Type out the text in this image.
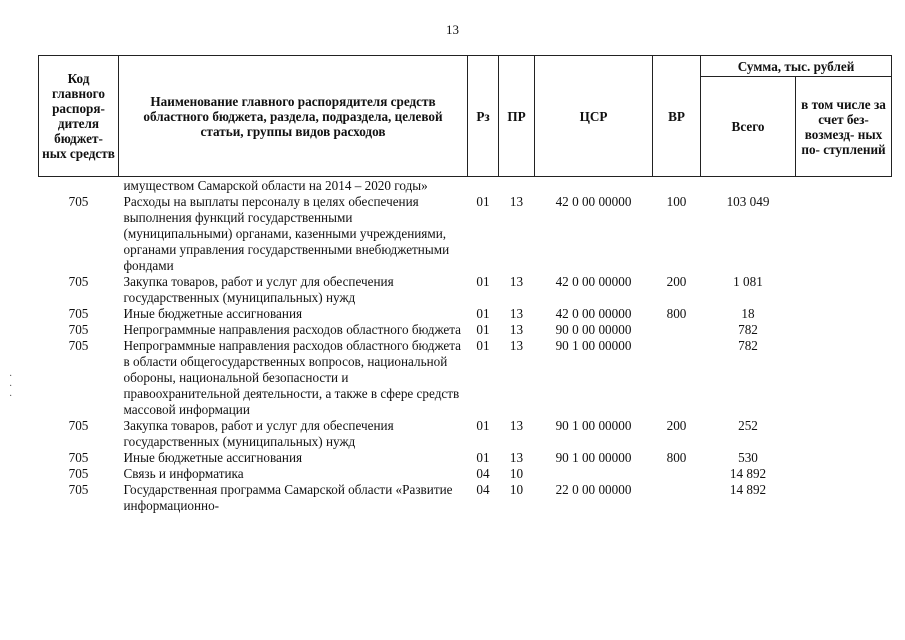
13
Код главного распоря- дителя бюджет- ных средств	Наименование главного распорядителя средств областного бюджета, раздела, подраздела, целевой статьи, группы видов расходов	Рз	ПР	ЦСР	ВР	Сумма, тыс. рублей	
						Всего	в том числе за счет без- возмезд- ных по- ступлений
	имуществом Самарской области на 2014 – 2020 годы»						
705	Расходы на выплаты персоналу в целях обеспечения выполнения функций государственными (муниципальными) органами, казенными учреждениями, органами управления государственными внебюджетными фондами	01	13	42 0 00 00000	100	103 049	
705	Закупка товаров, работ и услуг для обеспечения государственных (муниципальных) нужд	01	13	42 0 00 00000	200	1 081	
705	Иные бюджетные ассигнования	01	13	42 0 00 00000	800	18	
705	Непрограммные направления расходов областного бюджета	01	13	90 0 00 00000		782	
705	Непрограммные направления расходов областного бюджета в области общегосударственных вопросов, национальной обороны, национальной безопасности и правоохранительной деятельности, а также в сфере средств массовой информации	01	13	90 1 00 00000		782	
705	Закупка товаров, работ и услуг для обеспечения государственных (муниципальных) нужд	01	13	90 1 00 00000	200	252	
705	Иные бюджетные ассигнования	01	13	90 1 00 00000	800	530	
705	Связь и информатика	04	10			14 892	
705	Государственная программа Самарской области «Развитие информационно-	04	10	22 0 00 00000		14 892	
·
·
·
